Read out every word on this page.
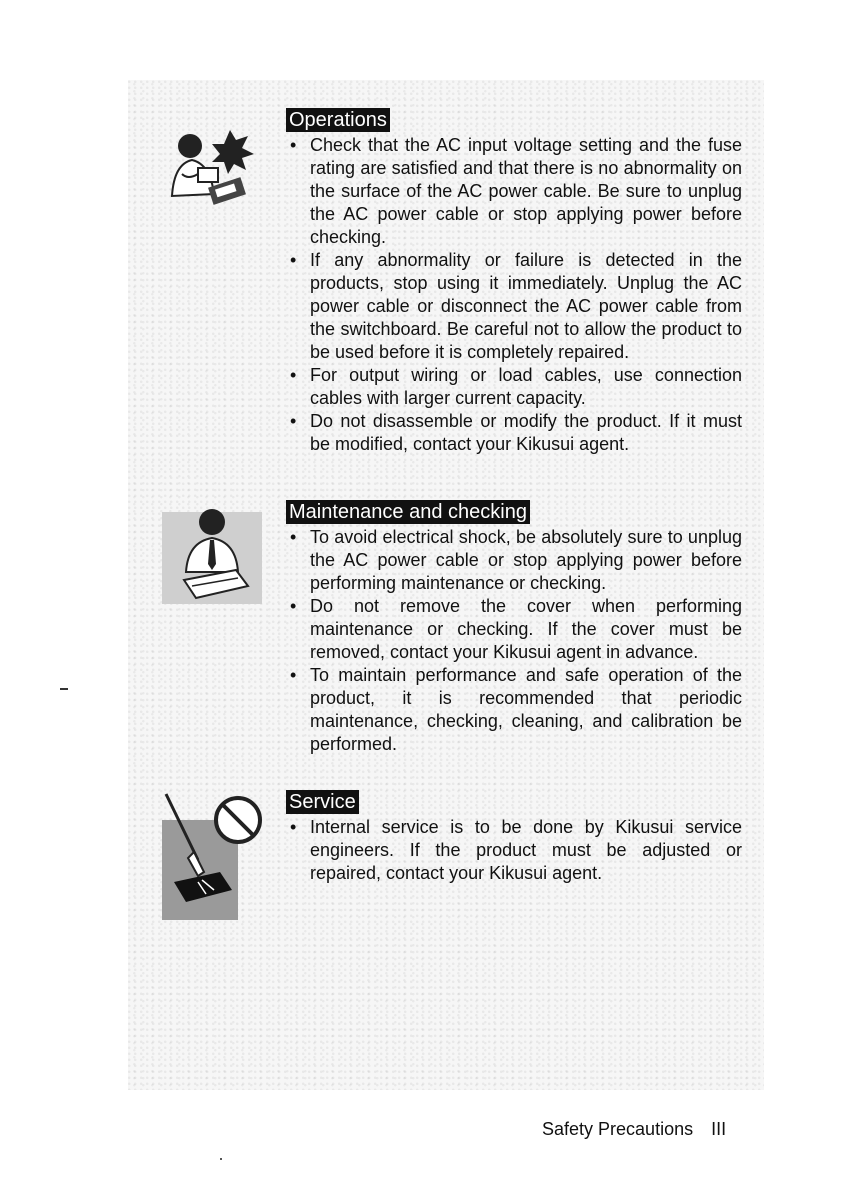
Operations
• Check that the AC input voltage setting and the fuse rating are satisfied and that there is no abnormality on the surface of the AC power cable. Be sure to unplug the AC power cable or stop applying power before checking.
• If any abnormality or failure is detected in the products, stop using it immediately. Unplug the AC power cable or disconnect the AC power cable from the switchboard. Be careful not to allow the product to be used before it is completely repaired.
• For output wiring or load cables, use connection cables with larger current capacity.
• Do not disassemble or modify the product. If it must be modified, contact your Kikusui agent.
Maintenance and checking
• To avoid electrical shock, be absolutely sure to unplug the AC power cable or stop applying power before performing maintenance or checking.
• Do not remove the cover when performing maintenance or checking. If the cover must be removed, contact your Kikusui agent in advance.
• To maintain performance and safe operation of the product, it is recommended that periodic maintenance, checking, cleaning, and calibration be performed.
Service
• Internal service is to be done by Kikusui service engineers. If the product must be adjusted or repaired, contact your Kikusui agent.
Safety Precautions III
